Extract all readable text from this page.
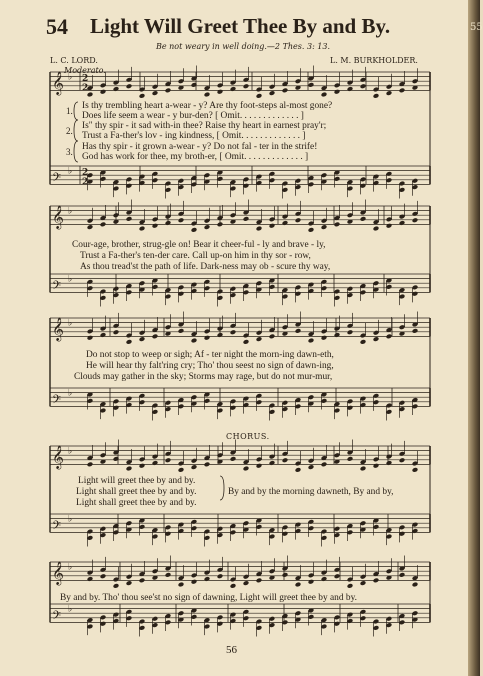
54 Light Will Greet Thee By and By.
Be not weary in well doing.—2 Thes. 3: 13.
L. C. LORD.	L. M. BURKHOLDER.
Moderato.
𝄞 ♭
𝄢
♭
𝄞 ♭
𝄢
♭
𝄞 ♭
𝄢
♭
𝄞 ♭
𝄢
♭
𝄞 ♭
𝄢
♭
2
2
2
2
1. Is thy trembling heart a-wear - y? Are thy foot-steps al-most gone?
Does life seem a wear - y bur-den? [ Omit. . . . . . . . . . . . . ]
2. Is" thy spir - it sad with-in thee? Raise thy heart in earnest pray'r;
Trust a Fa-ther's lov - ing kindness, [ Omit. . . . . . . . . . . . . ]
3. Has thy spir - it grown a-wear - y? Do not fal - ter in the strife!
God has work for thee, my broth-er, [ Omit. . . . . . . . . . . . . ]
Cour-age, brother, strug-gle on! Bear it cheer-ful - ly and brave - ly,
Trust a Fa-ther's ten-der care. Call up-on him in thy sor - row,
As thou tread'st the path of life. Dark-ness may ob - scure thy way,
Do not stop to weep or sigh; Af - ter night the morn-ing dawn-eth,
He will hear thy falt'ring cry; Tho' thou seest no sign of dawn-ing,
Clouds may gather in the sky; Storms may rage, but do not mur-mur,
CHORUS.
Light will greet thee by and by.
Light shall greet thee by and by.
Light shall greet thee by and by.
By and by the morning dawneth, By and by,
By and by. Tho' thou see'st no sign of dawning, Light will greet thee by and by.
56
55
